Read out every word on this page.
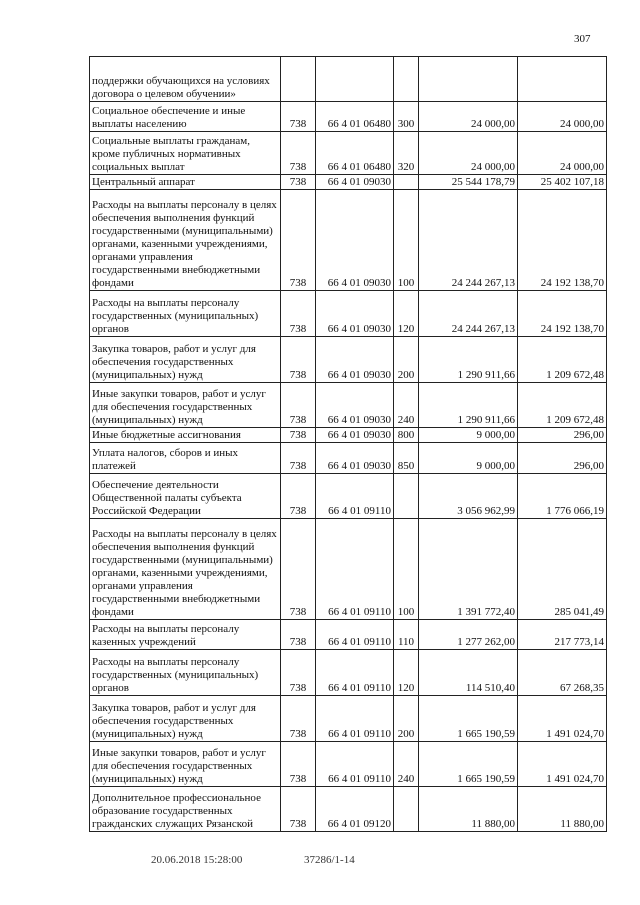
307
поддержки обучающихся на условиях договора о целевом обучении»					
Социальное обеспечение и иные выплаты населению	738	66 4 01 06480	300	24 000,00	24 000,00
Социальные выплаты гражданам, кроме публичных нормативных социальных выплат	738	66 4 01 06480	320	24 000,00	24 000,00
Центральный аппарат	738	66 4 01 09030		25 544 178,79	25 402 107,18
Расходы на выплаты персоналу в целях обеспечения выполнения функций государственными (муниципальными) органами, казенными учреждениями, органами управления государственными внебюджетными фондами	738	66 4 01 09030	100	24 244 267,13	24 192 138,70
Расходы на выплаты персоналу государственных (муниципальных) органов	738	66 4 01 09030	120	24 244 267,13	24 192 138,70
Закупка товаров, работ и услуг для обеспечения государственных (муниципальных) нужд	738	66 4 01 09030	200	1 290 911,66	1 209 672,48
Иные закупки товаров, работ и услуг для обеспечения государственных (муниципальных) нужд	738	66 4 01 09030	240	1 290 911,66	1 209 672,48
Иные бюджетные ассигнования	738	66 4 01 09030	800	9 000,00	296,00
Уплата налогов, сборов и иных платежей	738	66 4 01 09030	850	9 000,00	296,00
Обеспечение деятельности Общественной палаты субъекта Российской Федерации	738	66 4 01 09110		3 056 962,99	1 776 066,19
Расходы на выплаты персоналу в целях обеспечения выполнения функций государственными (муниципальными) органами, казенными учреждениями, органами управления государственными внебюджетными фондами	738	66 4 01 09110	100	1 391 772,40	285 041,49
Расходы на выплаты персоналу казенных учреждений	738	66 4 01 09110	110	1 277 262,00	217 773,14
Расходы на выплаты персоналу государственных (муниципальных) органов	738	66 4 01 09110	120	114 510,40	67 268,35
Закупка товаров, работ и услуг для обеспечения государственных (муниципальных) нужд	738	66 4 01 09110	200	1 665 190,59	1 491 024,70
Иные закупки товаров, работ и услуг для обеспечения государственных (муниципальных) нужд	738	66 4 01 09110	240	1 665 190,59	1 491 024,70
Дополнительное профессиональное образование государственных гражданских служащих Рязанской	738	66 4 01 09120		11 880,00	11 880,00
20.06.2018 15:28:00	37286/1-14
